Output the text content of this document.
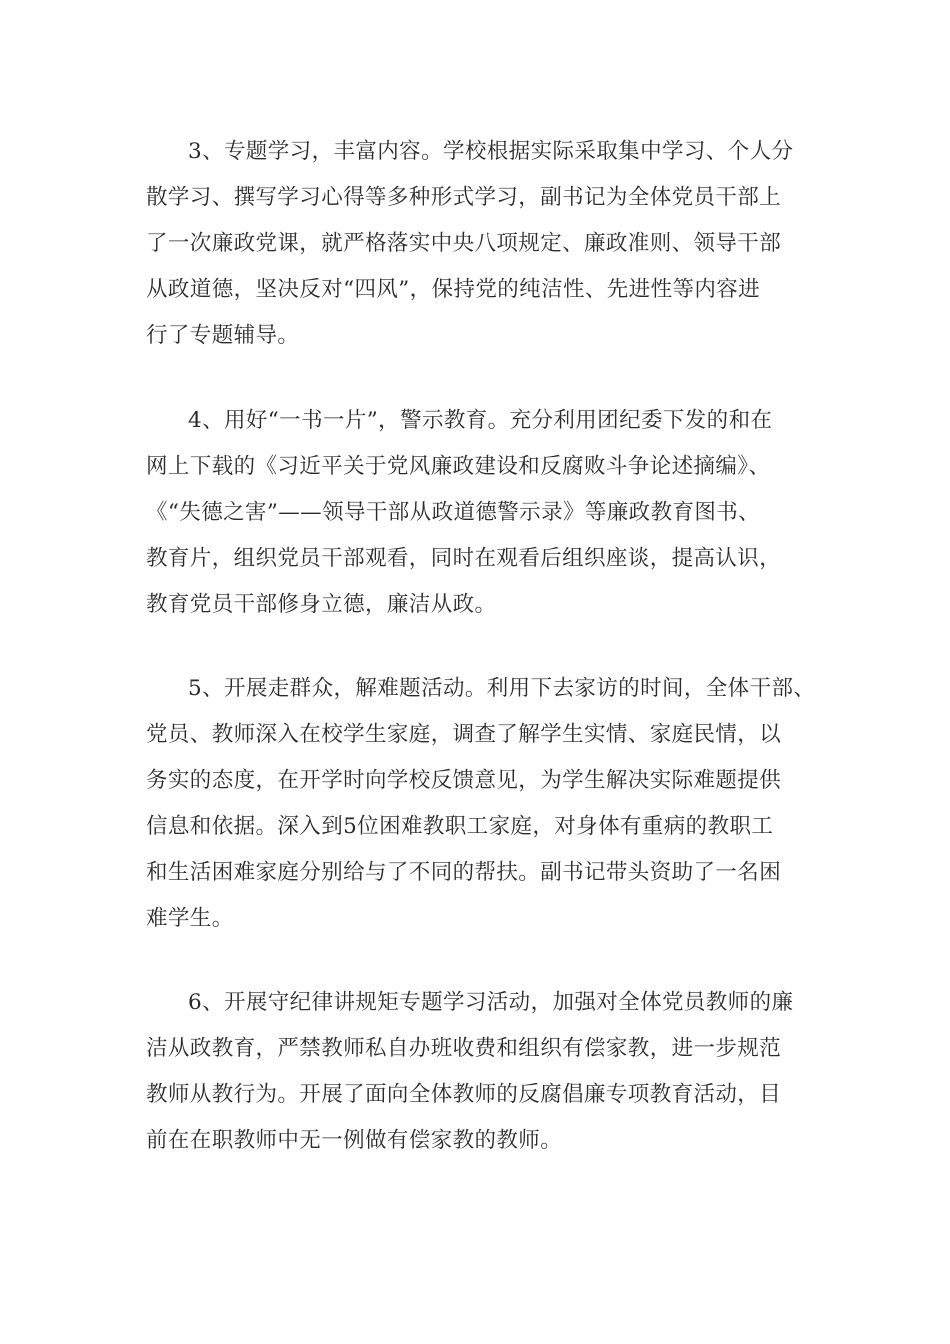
3、专题学习，丰富内容。学校根据实际采取集中学习、个人分
散学习、撰写学习心得等多种形式学习，副书记为全体党员干部上
了一次廉政党课，就严格落实中央八项规定、廉政准则、领导干部
从政道德，坚决反对“四风”，保持党的纯洁性、先进性等内容进
行了专题辅导。
4、用好“一书一片”，警示教育。充分利用团纪委下发的和在
网上下载的《习近平关于党风廉政建设和反腐败斗争论述摘编》、
《“失德之害”——领导干部从政道德警示录》等廉政教育图书、
教育片，组织党员干部观看，同时在观看后组织座谈，提高认识，
教育党员干部修身立德，廉洁从政。
5、开展走群众，解难题活动。利用下去家访的时间，全体干部、
党员、教师深入在校学生家庭，调查了解学生实情、家庭民情，以
务实的态度，在开学时向学校反馈意见，为学生解决实际难题提供
信息和依据。深入到5位困难教职工家庭，对身体有重病的教职工
和生活困难家庭分别给与了不同的帮扶。副书记带头资助了一名困
难学生。
6、开展守纪律讲规矩专题学习活动，加强对全体党员教师的廉
洁从政教育，严禁教师私自办班收费和组织有偿家教，进一步规范
教师从教行为。开展了面向全体教师的反腐倡廉专项教育活动，目
前在在职教师中无一例做有偿家教的教师。
